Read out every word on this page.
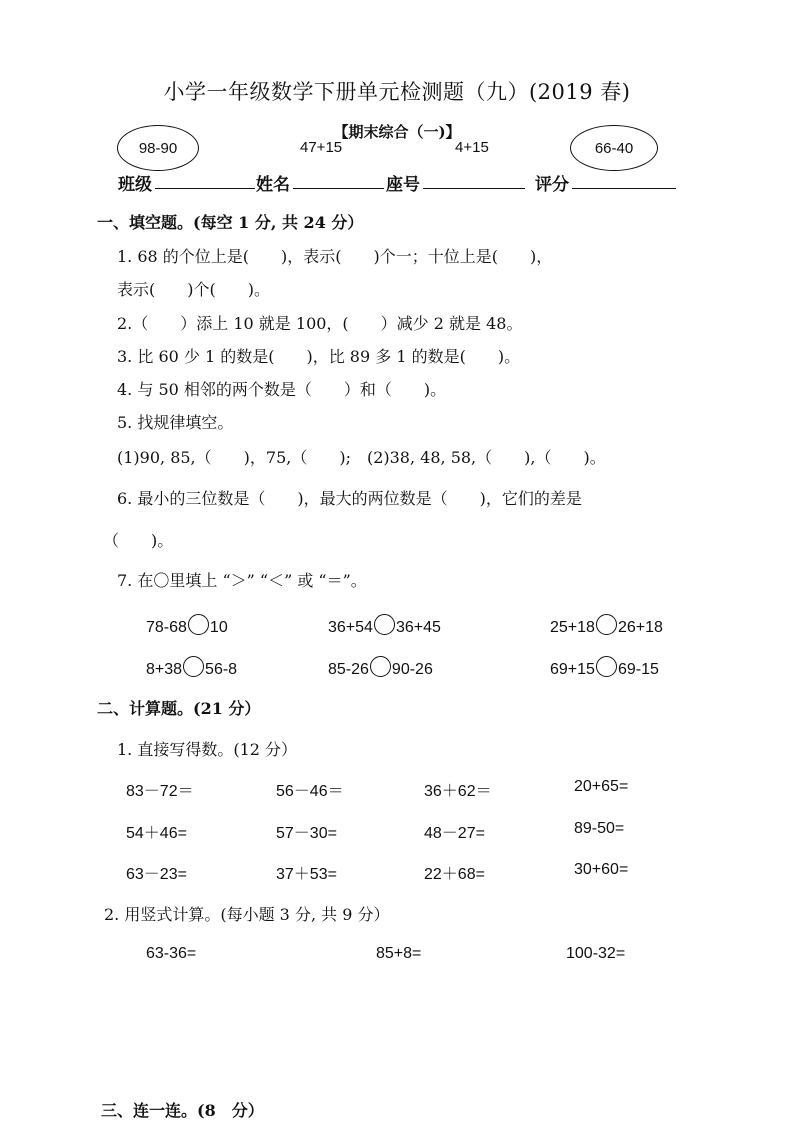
小学一年级数学下册单元检测题（九）(2019 春)
【期末综合（一)】
98-90	66-40
47+15	4+15
班级	姓名	座号	评分
一、填空题。(每空 1 分, 共 24 分）
1. 68 的个位上是(　　)，表示(　　)个一；十位上是(　　)，
表示(　　)个(　　)。
2.（　　）添上 10 就是 100，(　　）减少 2 就是 48。
3. 比 60 少 1 的数是(　　)，比 89 多 1 的数是(　　)。
4. 与 50 相邻的两个数是（　　）和（　　)。
5. 找规律填空。
(1)90, 85,（　　)，75,（　　);　(2)38, 48, 58,（　　),（　　)。
6. 最小的三位数是（　　)，最大的两位数是（　　)，它们的差是
（　　)。
7. 在〇里填上 “＞” “＜” 或 “＝”。
78-68 10	36+54 36+45	25+18 26+18
8+38 56-8	85-26 90-26	69+15 69-15
二、计算题。(21 分）
1. 直接写得数。(12 分）
83－72＝	56－46＝	36＋62＝	20+65=
54＋46=	57－30=	48－27=	89-50=
63－23=	37＋53=	22＋68=	30+60=
2. 用竖式计算。(每小题 3 分, 共 9 分）
63-36=	85+8=	100-32=
三、连一连。(8　分）
